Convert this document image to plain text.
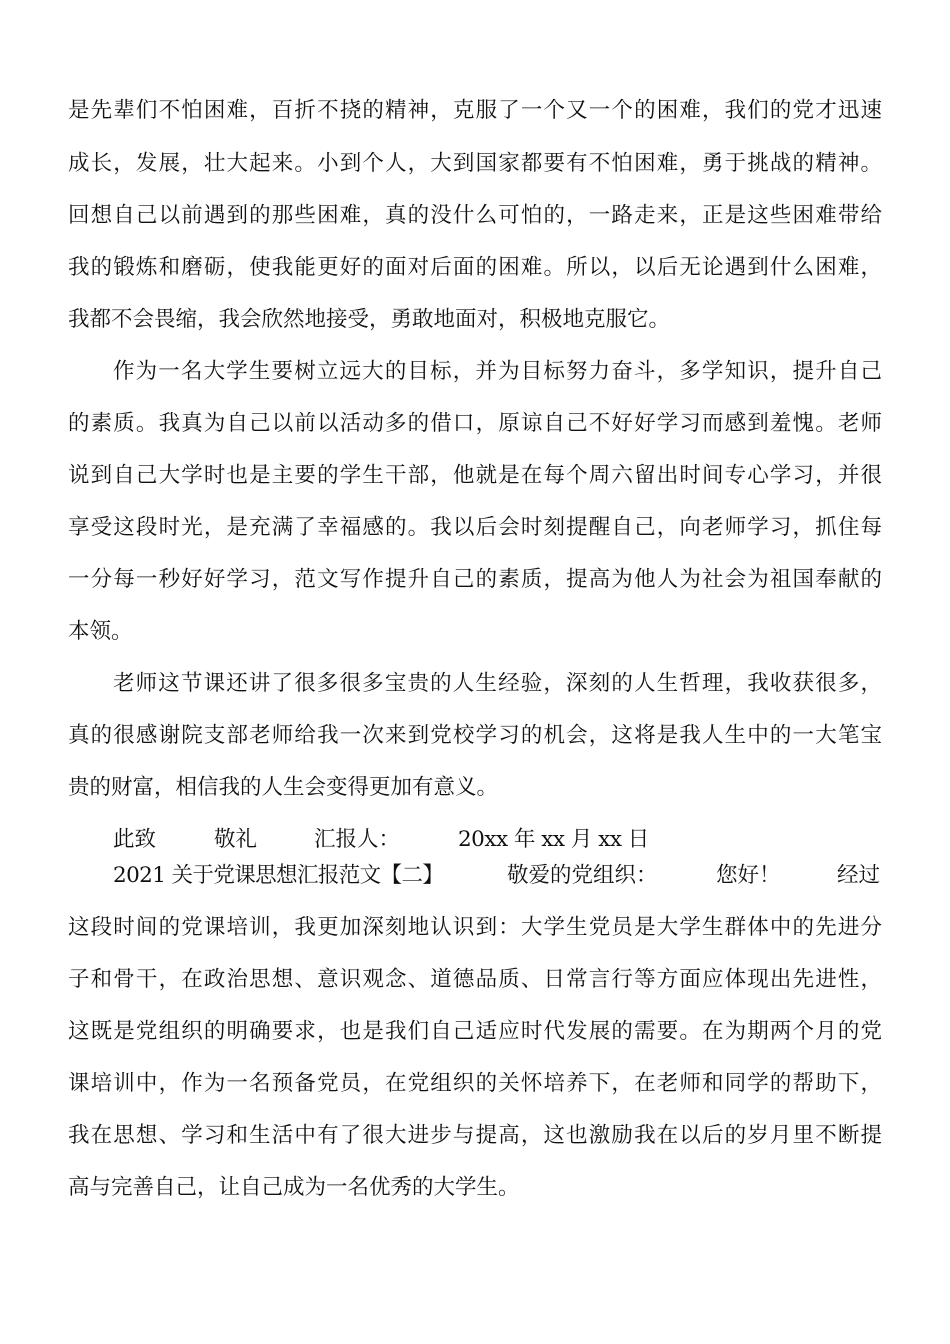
是先辈们不怕困难，百折不挠的精神，克服了一个又一个的困难，我们的党才迅速
成长，发展，壮大起来。小到个人，大到国家都要有不怕困难，勇于挑战的精神。
回想自己以前遇到的那些困难，真的没什么可怕的，一路走来，正是这些困难带给
我的锻炼和磨砺，使我能更好的面对后面的困难。所以，以后无论遇到什么困难，
我都不会畏缩，我会欣然地接受，勇敢地面对，积极地克服它。
作为一名大学生要树立远大的目标，并为目标努力奋斗，多学知识，提升自己
的素质。我真为自己以前以活动多的借口，原谅自己不好好学习而感到羞愧。老师
说到自己大学时也是主要的学生干部，他就是在每个周六留出时间专心学习，并很
享受这段时光，是充满了幸福感的。我以后会时刻提醒自己，向老师学习，抓住每
一分每一秒好好学习，范文写作提升自己的素质，提高为他人为社会为祖国奉献的
本领。
老师这节课还讲了很多很多宝贵的人生经验，深刻的人生哲理，我收获很多，
真的很感谢院支部老师给我一次来到党校学习的机会，这将是我人生中的一大笔宝
贵的财富，相信我的人生会变得更加有意义。
此致	敬礼	汇报人：	20xx 年 xx 月 xx 日
2021 关于党课思想汇报范文【二】	敬爱的党组织：	您好！	经过
这段时间的党课培训，我更加深刻地认识到：大学生党员是大学生群体中的先进分
子和骨干，在政治思想、意识观念、道德品质、日常言行等方面应体现出先进性，
这既是党组织的明确要求，也是我们自己适应时代发展的需要。在为期两个月的党
课培训中，作为一名预备党员，在党组织的关怀培养下，在老师和同学的帮助下，
我在思想、学习和生活中有了很大进步与提高，这也激励我在以后的岁月里不断提
高与完善自己，让自己成为一名优秀的大学生。
